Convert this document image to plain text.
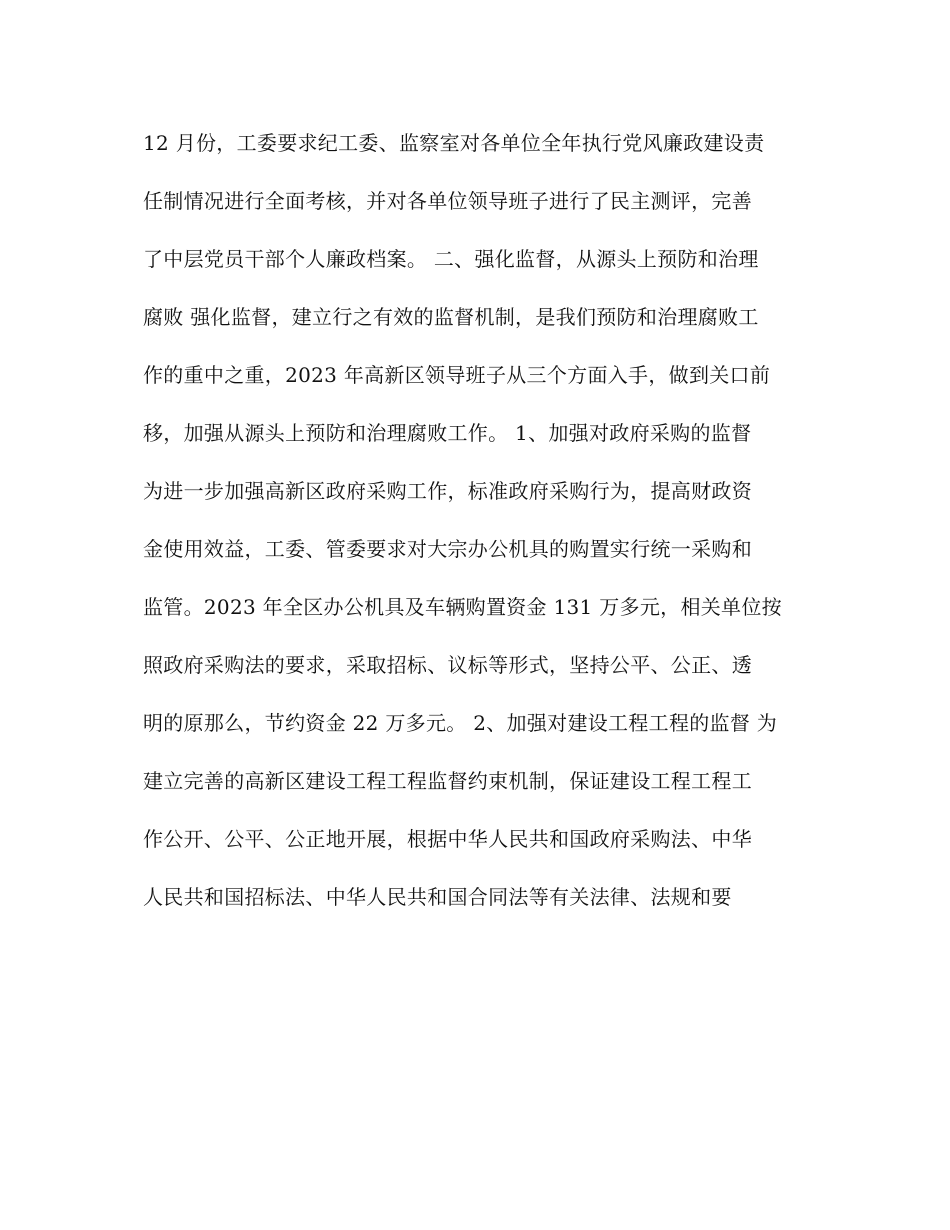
12 月份，工委要求纪工委、监察室对各单位全年执行党风廉政建设责
任制情况进行全面考核，并对各单位领导班子进行了民主测评，完善
了中层党员干部个人廉政档案。 二、强化监督，从源头上预防和治理
腐败 强化监督，建立行之有效的监督机制，是我们预防和治理腐败工
作的重中之重，2023 年高新区领导班子从三个方面入手，做到关口前
移，加强从源头上预防和治理腐败工作。 1、加强对政府采购的监督
为进一步加强高新区政府采购工作，标准政府采购行为，提高财政资
金使用效益，工委、管委要求对大宗办公机具的购置实行统一采购和
监管。2023 年全区办公机具及车辆购置资金 131 万多元，相关单位按
照政府采购法的要求，采取招标、议标等形式，坚持公平、公正、透
明的原那么，节约资金 22 万多元。 2、加强对建设工程工程的监督 为
建立完善的高新区建设工程工程监督约束机制，保证建设工程工程工
作公开、公平、公正地开展，根据中华人民共和国政府采购法、中华
人民共和国招标法、中华人民共和国合同法等有关法律、法规和要
